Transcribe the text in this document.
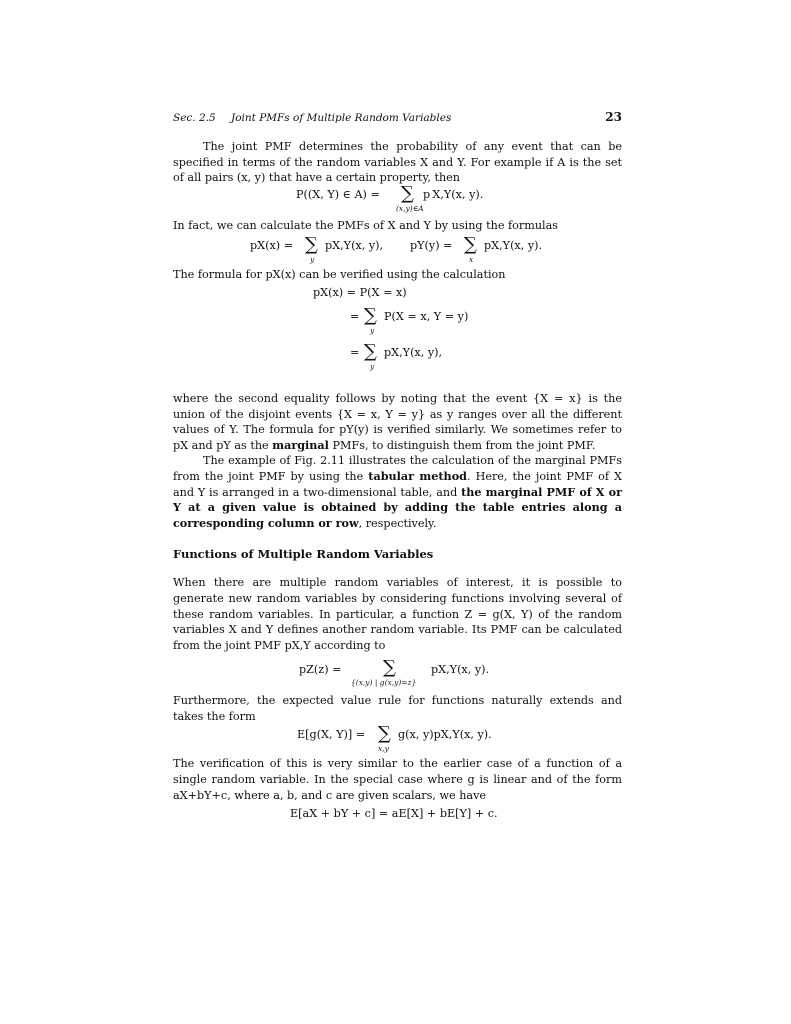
Sec. 2.5 Joint PMFs of Multiple Random Variables	23

The joint PMF determines the probability of any event that can be specified in terms of the random variables X and Y. For example if A is the set of all pairs (x, y) that have a certain property, then

P((X, Y) ∈ A) = ∑ p X,Y(x, y).
(x,y)∈A

In fact, we can calculate the PMFs of X and Y by using the formulas

pX(x) = ∑ pX,Y(x, y),
y
pY(y) = ∑ pX,Y(x, y).
x

The formula for pX(x) can be verified using the calculation

pX(x) = P(X = x)
= ∑ P(X = x, Y = y)
y
= ∑ pX,Y(x, y),
y

where the second equality follows by noting that the event {X = x} is the union of the disjoint events {X = x, Y = y} as y ranges over all the different values of Y. The formula for pY(y) is verified similarly. We sometimes refer to pX and pY as the marginal PMFs, to distinguish them from the joint PMF.

The example of Fig. 2.11 illustrates the calculation of the marginal PMFs from the joint PMF by using the tabular method. Here, the joint PMF of X and Y is arranged in a two-dimensional table, and the marginal PMF of X or Y at a given value is obtained by adding the table entries along a corresponding column or row, respectively.

Functions of Multiple Random Variables

When there are multiple random variables of interest, it is possible to generate new random variables by considering functions involving several of these random variables. In particular, a function Z = g(X, Y) of the random variables X and Y defines another random variable. Its PMF can be calculated from the joint PMF pX,Y according to

pZ(z) = ∑	pX,Y(x, y).
{(x,y) | g(x,y)=z}

Furthermore, the expected value rule for functions naturally extends and takes the form

E[g(X, Y)] = ∑ g(x, y)pX,Y(x, y).
x,y

The verification of this is very similar to the earlier case of a function of a single random variable. In the special case where g is linear and of the form aX+bY+c, where a, b, and c are given scalars, we have

E[aX + bY + c] = aE[X] + bE[Y] + c.
